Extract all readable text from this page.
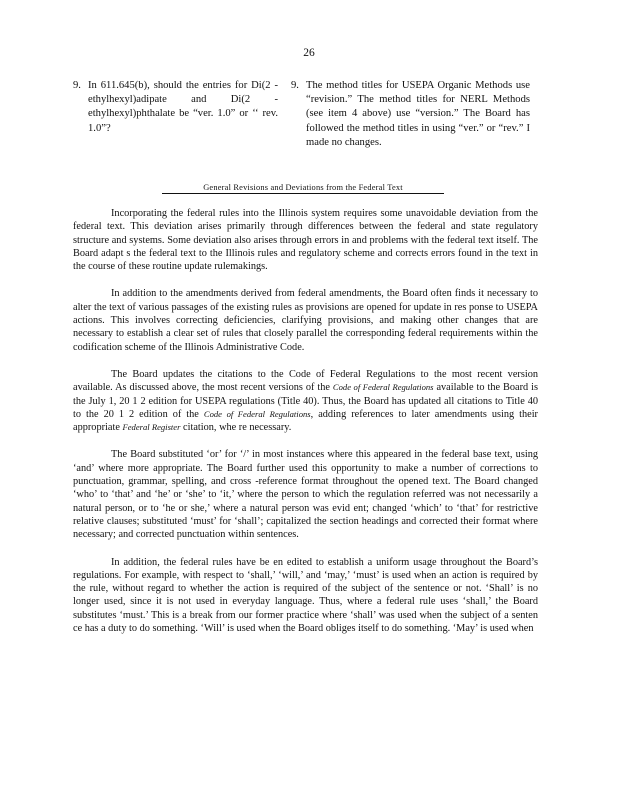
26
9. In 611.645(b), should the entries for Di(2 -ethylhexyl)adipate and Di(2 - ethylhexyl)phthalate be “ver. 1.0” or ‘‘ rev. 1.0”?
9. The method titles for USEPA Organic Methods use “revision.” The method titles for NERL Methods (see item 4 above) use “version.” The Board has followed the method titles in using “ver.” or “rev.” I made no changes.
General Revisions and Deviations from the Federal Text

Incorporating the federal rules into the Illinois system requires some unavoidable deviation from the federal text. This deviation arises primarily through differences between the federal and state regulatory structure and systems. Some deviation also arises through errors in and problems with the federal text itself. The Board adapt s the federal text to the Illinois rules and regulatory scheme and corrects errors found in the text in the course of these routine update rulemakings.

In addition to the amendments derived from federal amendments, the Board often finds it necessary to alter the text of various passages of the existing rules as provisions are opened for update in res ponse to USEPA actions. This involves correcting deficiencies, clarifying provisions, and making other changes that are necessary to establish a clear set of rules that closely parallel the corresponding federal requirements within the codification scheme of the Illinois Administrative Code.

The Board updates the citations to the Code of Federal Regulations to the most recent version available. As discussed above, the most recent versions of the Code of Federal Regulations available to the Board is the July 1, 20 1 2 edition for USEPA regulations (Title 40). Thus, the Board has updated all citations to Title 40 to the 20 1 2 edition of the Code of Federal Regulations, adding references to later amendments using their appropriate Federal Register citation, whe re necessary.

The Board substituted ‘or’ for ‘/’ in most instances where this appeared in the federal base text, using ‘and’ where more appropriate. The Board further used this opportunity to make a number of corrections to punctuation, grammar, spelling, and cross -reference format throughout the opened text. The Board changed ‘who’ to ‘that’ and ‘he’ or ‘she’ to ‘it,’ where the person to which the regulation referred was not necessarily a natural person, or to ‘he or she,’ where a natural person was evid ent; changed ‘which’ to ‘that’ for restrictive relative clauses; substituted ‘must’ for ‘shall’; capitalized the section headings and corrected their format where necessary; and corrected punctuation within sentences.

In addition, the federal rules have be en edited to establish a uniform usage throughout the Board’s regulations. For example, with respect to ‘shall,’ ‘will,’ and ‘may,’ ‘must’ is used when an action is required by the rule, without regard to whether the action is required of the subject of the sentence or not. ‘Shall’ is no longer used, since it is not used in everyday language. Thus, where a federal rule uses ‘shall,’ the Board substitutes ‘must.’ This is a break from our former practice where ‘shall’ was used when the subject of a senten ce has a duty to do something. ‘Will’ is used when the Board obliges itself to do something. ‘May’ is used when
